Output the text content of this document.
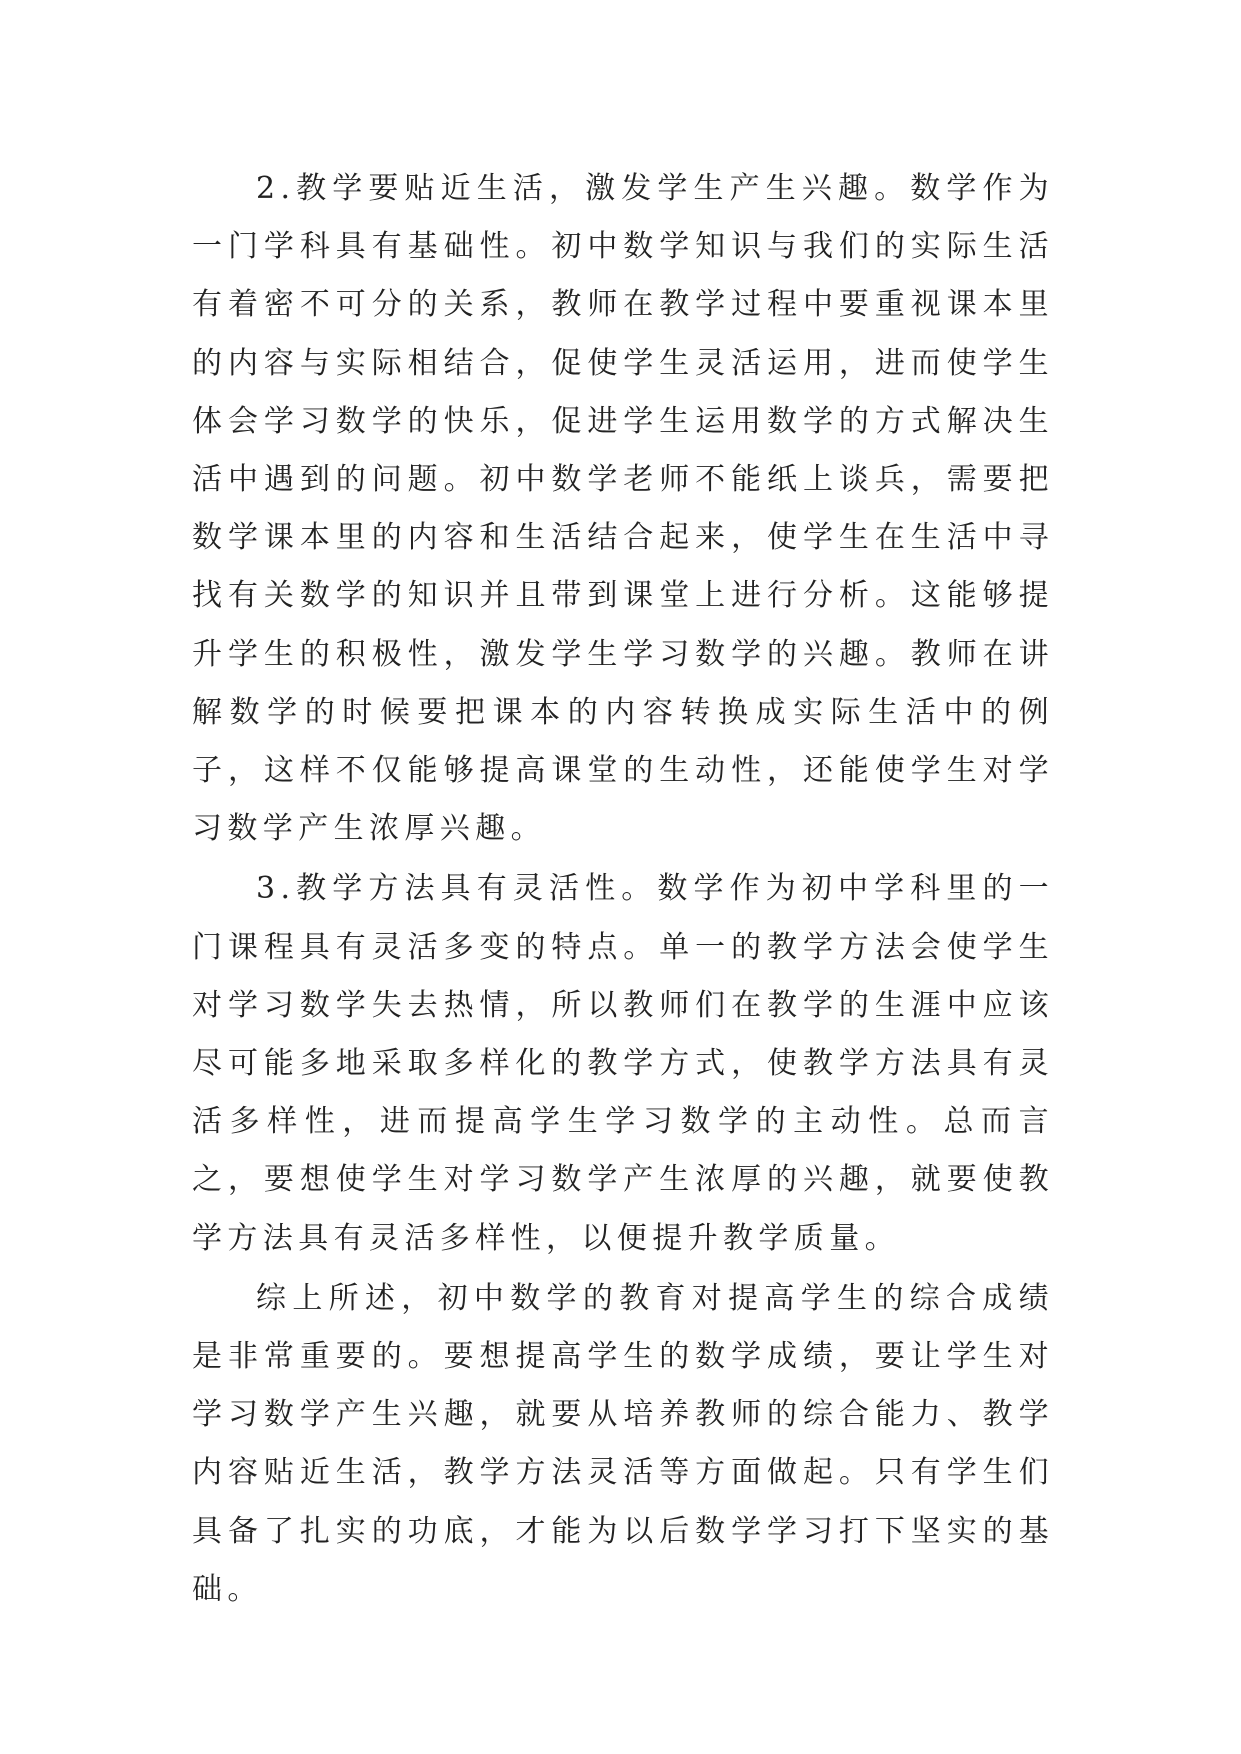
2.教学要贴近生活，激发学生产生兴趣。数学作为一门学科具有基础性。初中数学知识与我们的实际生活有着密不可分的关系，教师在教学过程中要重视课本里的内容与实际相结合，促使学生灵活运用，进而使学生体会学习数学的快乐，促进学生运用数学的方式解决生活中遇到的问题。初中数学老师不能纸上谈兵，需要把数学课本里的内容和生活结合起来，使学生在生活中寻找有关数学的知识并且带到课堂上进行分析。这能够提升学生的积极性，激发学生学习数学的兴趣。教师在讲解数学的时候要把课本的内容转换成实际生活中的例子，这样不仅能够提高课堂的生动性，还能使学生对学习数学产生浓厚兴趣。

3.教学方法具有灵活性。数学作为初中学科里的一门课程具有灵活多变的特点。单一的教学方法会使学生对学习数学失去热情，所以教师们在教学的生涯中应该尽可能多地采取多样化的教学方式，使教学方法具有灵活多样性，进而提高学生学习数学的主动性。总而言之，要想使学生对学习数学产生浓厚的兴趣，就要使教学方法具有灵活多样性，以便提升教学质量。

综上所述，初中数学的教育对提高学生的综合成绩是非常重要的。要想提高学生的数学成绩，要让学生对学习数学产生兴趣，就要从培养教师的综合能力、教学内容贴近生活，教学方法灵活等方面做起。只有学生们具备了扎实的功底，才能为以后数学学习打下坚实的基础。
